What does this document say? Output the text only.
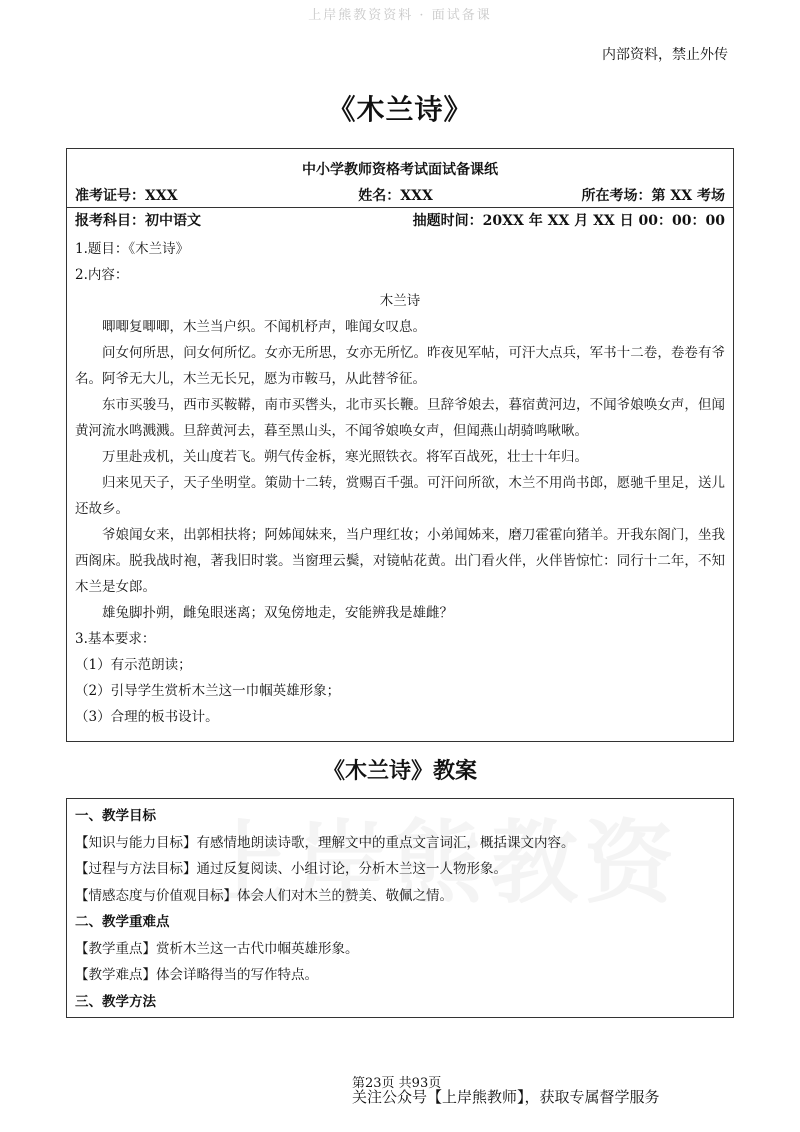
上岸熊教资资料 · 面试备课
内部资料，禁止外传
《木兰诗》
中小学教师资格考试面试备课纸
准考证号：XXX	姓名：XXX	所在考场：第 XX 考场
报考科目：初中语文	抽题时间：20XX 年 XX 月 XX 日 00：00：00
1.题目：《木兰诗》
2.内容：
木兰诗
唧唧复唧唧，木兰当户织。不闻机杼声，唯闻女叹息。
问女何所思，问女何所忆。女亦无所思，女亦无所忆。昨夜见军帖，可汗大点兵，军书十二卷，卷卷有爷名。阿爷无大儿，木兰无长兄，愿为市鞍马，从此替爷征。
东市买骏马，西市买鞍鞯，南市买辔头，北市买长鞭。旦辞爷娘去，暮宿黄河边，不闻爷娘唤女声，但闻黄河流水鸣溅溅。旦辞黄河去，暮至黑山头，不闻爷娘唤女声，但闻燕山胡骑鸣啾啾。
万里赴戎机，关山度若飞。朔气传金柝，寒光照铁衣。将军百战死，壮士十年归。
归来见天子，天子坐明堂。策勋十二转，赏赐百千强。可汗问所欲，木兰不用尚书郎，愿驰千里足，送儿还故乡。
爷娘闻女来，出郭相扶将；阿姊闻妹来，当户理红妆；小弟闻姊来，磨刀霍霍向猪羊。开我东阁门，坐我西阁床。脱我战时袍，著我旧时裳。当窗理云鬓，对镜帖花黄。出门看火伴，火伴皆惊忙：同行十二年，不知木兰是女郎。
雄兔脚扑朔，雌兔眼迷离；双兔傍地走，安能辨我是雄雌？
3.基本要求：
（1）有示范朗读；
（2）引导学生赏析木兰这一巾帼英雄形象；
（3）合理的板书设计。
《木兰诗》教案
一、教学目标
【知识与能力目标】有感情地朗读诗歌，理解文中的重点文言词汇，概括课文内容。
【过程与方法目标】通过反复阅读、小组讨论，分析木兰这一人物形象。
【情感态度与价值观目标】体会人们对木兰的赞美、敬佩之情。
二、教学重难点
【教学重点】赏析木兰这一古代巾帼英雄形象。
【教学难点】体会详略得当的写作特点。
三、教学方法
第23页 共93页
关注公众号【上岸熊教师】，获取专属督学服务
